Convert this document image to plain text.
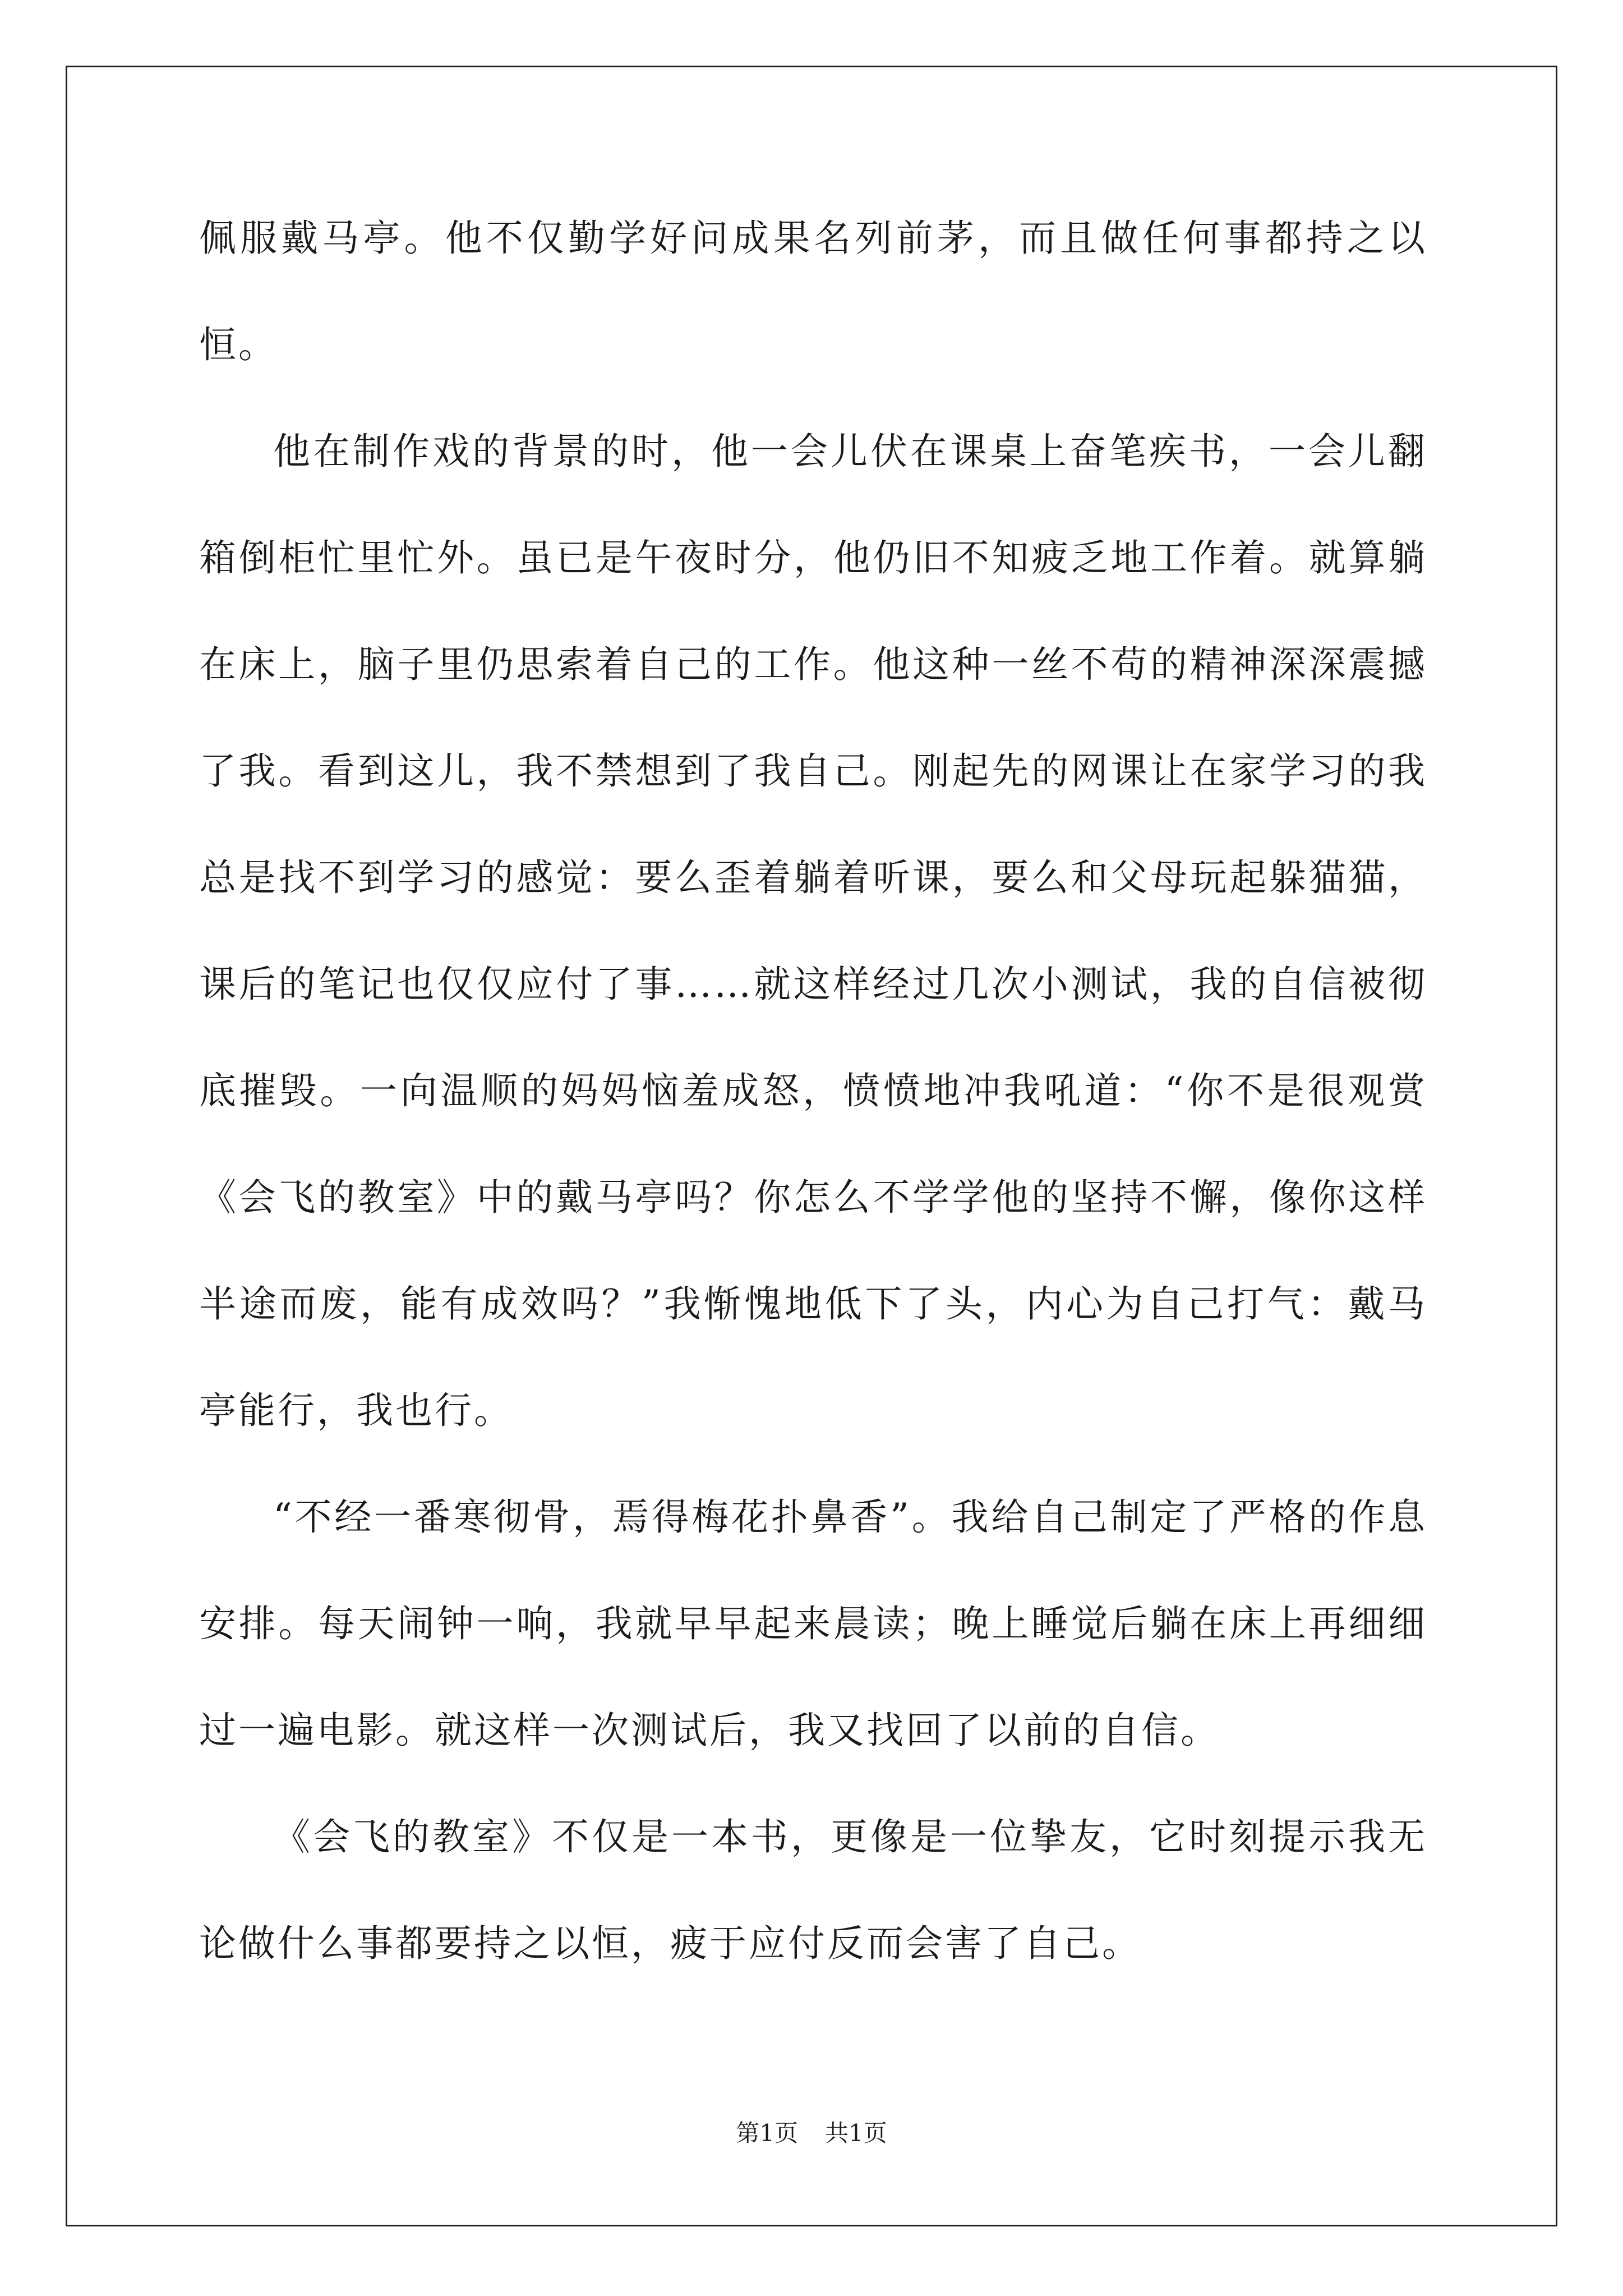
佩服戴马亭。他不仅勤学好问成果名列前茅，而且做任何事都持之以恒。

他在制作戏的背景的时，他一会儿伏在课桌上奋笔疾书，一会儿翻箱倒柜忙里忙外。虽已是午夜时分，他仍旧不知疲乏地工作着。就算躺在床上，脑子里仍思索着自己的工作。他这种一丝不苟的精神深深震撼了我。看到这儿，我不禁想到了我自己。刚起先的网课让在家学习的我总是找不到学习的感觉：要么歪着躺着听课，要么和父母玩起躲猫猫，课后的笔记也仅仅应付了事……就这样经过几次小测试，我的自信被彻底摧毁。一向温顺的妈妈恼羞成怒，愤愤地冲我吼道：“你不是很观赏《会飞的教室》中的戴马亭吗？你怎么不学学他的坚持不懈，像你这样半途而废，能有成效吗？”我惭愧地低下了头，内心为自己打气：戴马亭能行，我也行。

“不经一番寒彻骨，焉得梅花扑鼻香”。我给自己制定了严格的作息安排。每天闹钟一响，我就早早起来晨读；晚上睡觉后躺在床上再细细过一遍电影。就这样一次测试后，我又找回了以前的自信。

《会飞的教室》不仅是一本书，更像是一位挚友，它时刻提示我无论做什么事都要持之以恒，疲于应付反而会害了自己。

第1页 共1页
